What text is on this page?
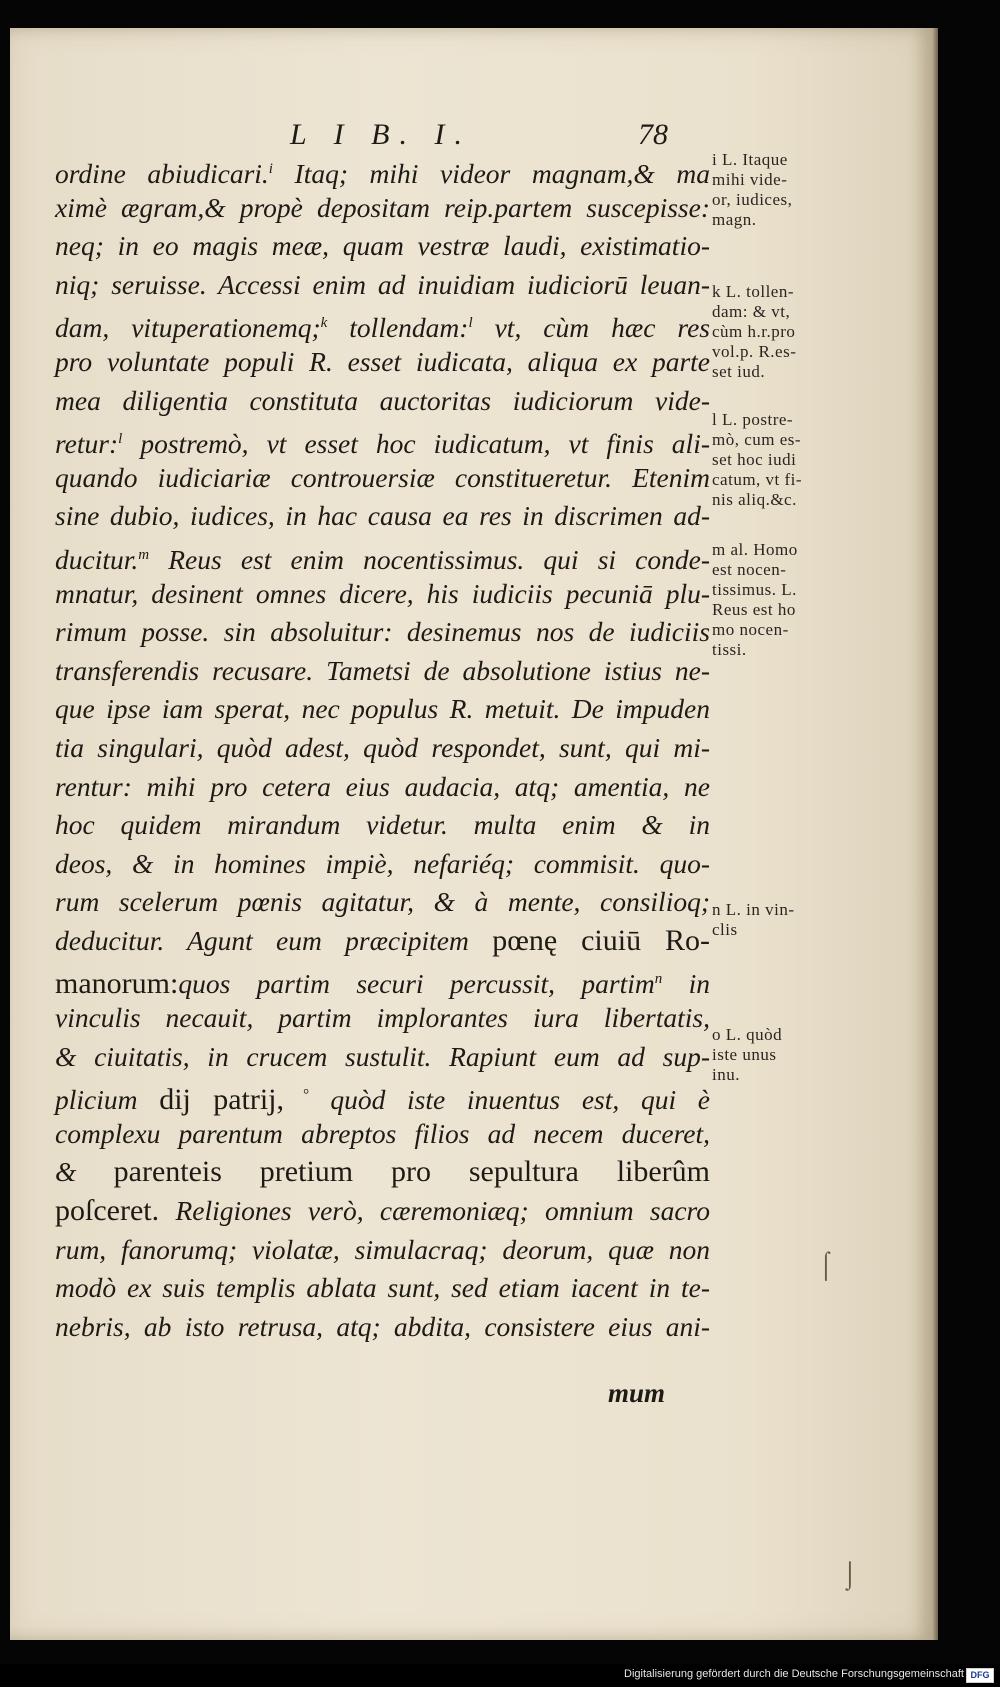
L I B. I.	78
ordine abiudicari.$^i$ Itaq; mihi videor magnam,& ma
ximè ægram,& propè depositam reip.partem suscepisse:
neq; in eo magis meæ, quam vestræ laudi, existimatio-
niq; seruisse. Accessi enim ad inuidiam iudiciorū leuan-
dam, vituperationemq;$^k$ tollendam:$^l$ vt, cùm hæc res
pro voluntate populi R. esset iudicata, aliqua ex parte
mea diligentia constituta auctoritas iudiciorum vide-
retur:$^l$ postremò, vt esset hoc iudicatum, vt finis ali-
quando iudiciariæ controuersiæ constitueretur. Etenim
sine dubio, iudices, in hac causa ea res in discrimen ad-
ducitur.$^m$ Reus est enim nocentissimus. qui si conde-
mnatur, desinent omnes dicere, his iudiciis pecuniā plu-
rimum posse. sin absoluitur: desinemus nos de iudiciis
transferendis recusare. Tametsi de absolutione istius ne-
que ipse iam sperat, nec populus R. metuit. De impuden
tia singulari, quòd adest, quòd respondet, sunt, qui mi-
rentur: mihi pro cetera eius audacia, atq; amentia, ne
hoc quidem mirandum videtur. multa enim & in
deos, & in homines impiè, nefariéq; commisit. quo-
rum scelerum pœnis agitatur, & à mente, consilioq;
deducitur. Agunt eum præcipitem pœnę ciuiū Ro-
manorum:quos partim securi percussit, partim$^n$ in
vinculis necauit, partim implorantes iura libertatis,
& ciuitatis, in crucem sustulit. Rapiunt eum ad sup-
plicium dij patrij, ° quòd iste inuentus est, qui è
complexu parentum abreptos filios ad necem duceret,
& parenteis pretium pro sepultura liberûm
poſceret. Religiones verò, cæremoniæq; omnium sacro
rum, fanorumq; violatæ, simulacraq; deorum, quæ non
modò ex suis templis ablata sunt, sed etiam iacent in te-
nebris, ab isto retrusa, atq; abdita, consistere eius ani-
mum
i L. Itaque
mihi vide-
or, iudices,
magn.
k L. tollen-
dam: & vt,
cùm h.r.pro
vol.p. R.es-
set iud.
l L. postre-
mò, cum es-
set hoc iudi
catum, vt fi-
nis aliq.&c.
m al. Homo
est nocen-
tissimus. L.
Reus est ho
mo nocen-
tissi.
n L. in vin-
clis
o L. quòd
iste unus
inu.
⌠
⌡
Digitalisierung gefördert durch die Deutsche Forschungsgemeinschaft DFG
